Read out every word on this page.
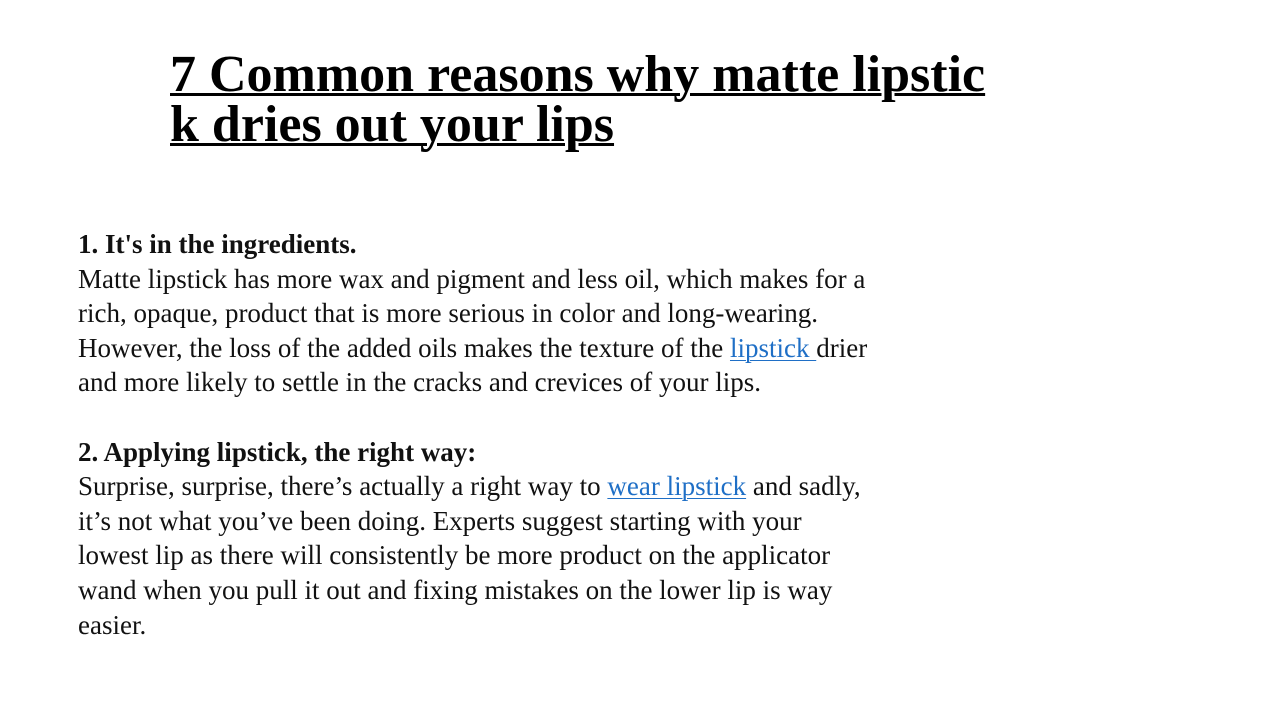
7 Common reasons why matte lipstic
k dries out your lips

1. It's in the ingredients.

Matte lipstick has more wax and pigment and less oil, which makes for a

rich, opaque, product that is more serious in color and long-wearing.

However, the loss of the added oils makes the texture of the lipstick drier

and more likely to settle in the cracks and crevices of your lips.

2. Applying lipstick, the right way:

Surprise, surprise, there’s actually a right way to wear lipstick and sadly,

it’s not what you’ve been doing. Experts suggest starting with your

lowest lip as there will consistently be more product on the applicator

wand when you pull it out and fixing mistakes on the lower lip is way

easier.
